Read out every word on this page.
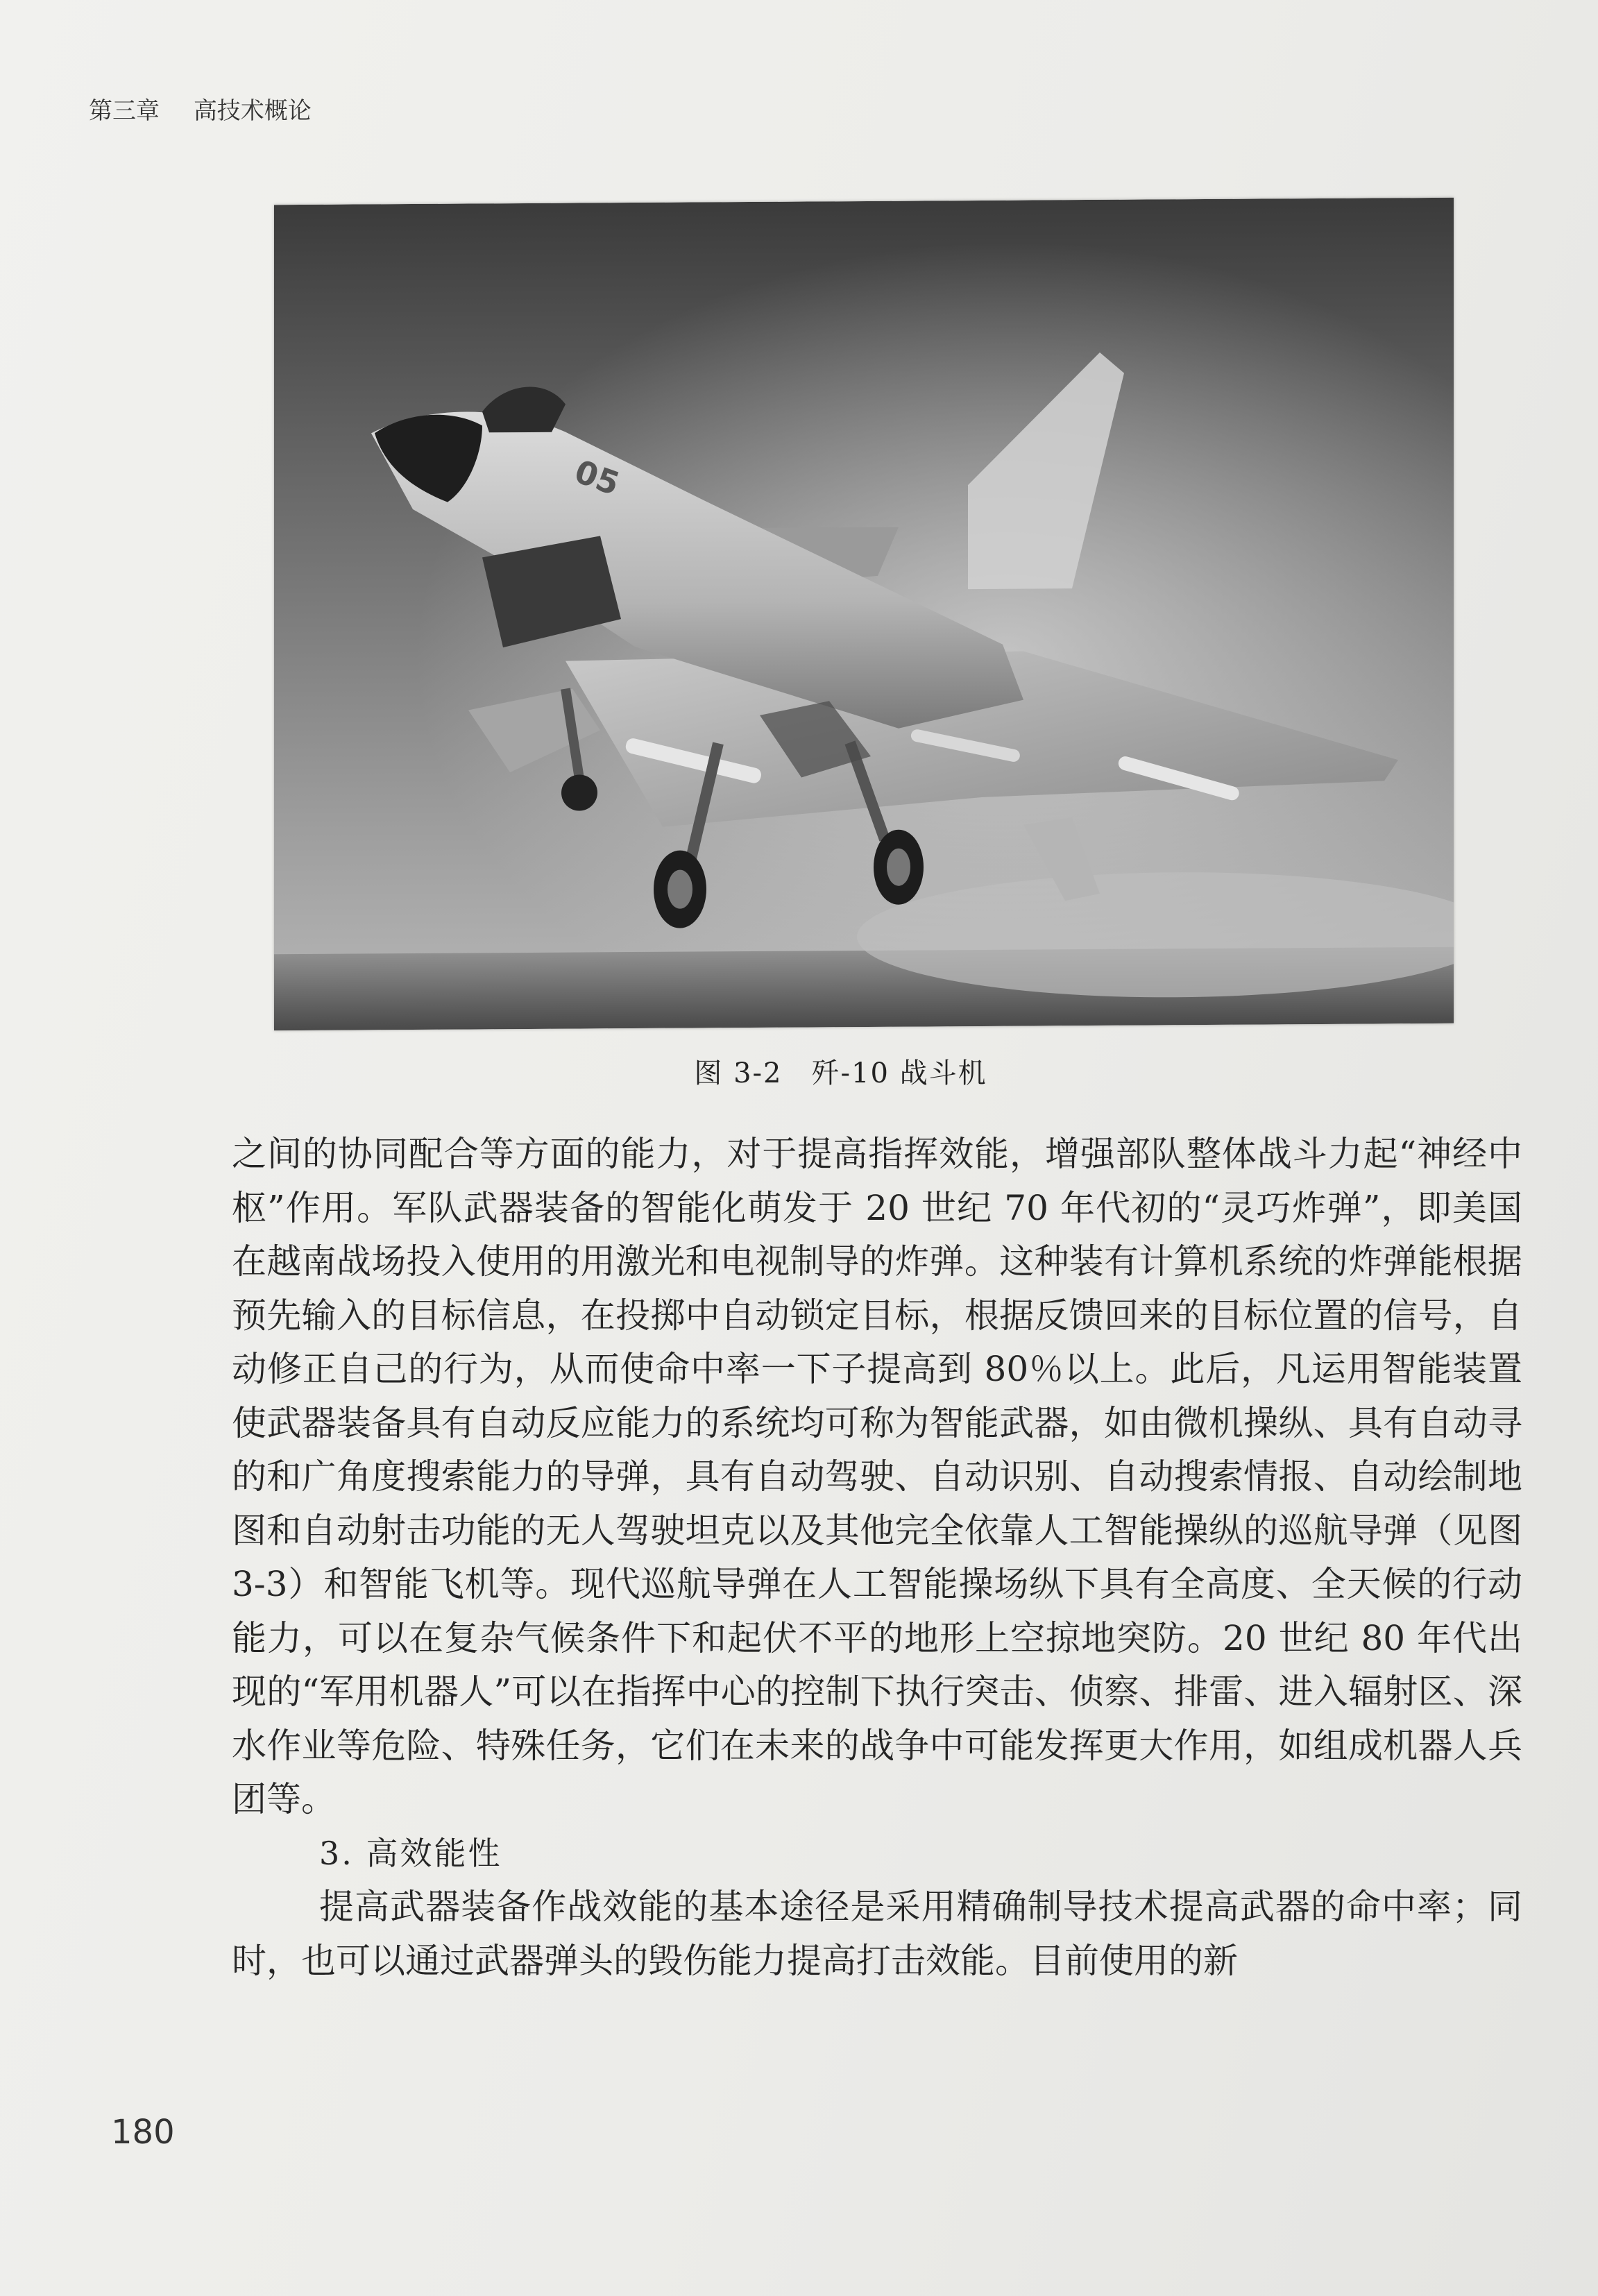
第三章 高技术概论
05
图 3-2　歼-10 战斗机

之间的协同配合等方面的能力，对于提高指挥效能，增强部队整体战斗力起“神经中枢”作用。军队武器装备的智能化萌发于 20 世纪 70 年代初的“灵巧炸弹”，即美国在越南战场投入使用的用激光和电视制导的炸弹。这种装有计算机系统的炸弹能根据预先输入的目标信息，在投掷中自动锁定目标，根据反馈回来的目标位置的信号，自动修正自己的行为，从而使命中率一下子提高到 80％以上。此后，凡运用智能装置使武器装备具有自动反应能力的系统均可称为智能武器，如由微机操纵、具有自动寻的和广角度搜索能力的导弹，具有自动驾驶、自动识别、自动搜索情报、自动绘制地图和自动射击功能的无人驾驶坦克以及其他完全依靠人工智能操纵的巡航导弹（见图 3-3）和智能飞机等。现代巡航导弹在人工智能操场纵下具有全高度、全天候的行动能力，可以在复杂气候条件下和起伏不平的地形上空掠地突防。20 世纪 80 年代出现的“军用机器人”可以在指挥中心的控制下执行突击、侦察、排雷、进入辐射区、深水作业等危险、特殊任务，它们在未来的战争中可能发挥更大作用，如组成机器人兵团等。

3. 高效能性

提高武器装备作战效能的基本途径是采用精确制导技术提高武器的命中率；同时，也可以通过武器弹头的毁伤能力提高打击效能。目前使用的新

180
